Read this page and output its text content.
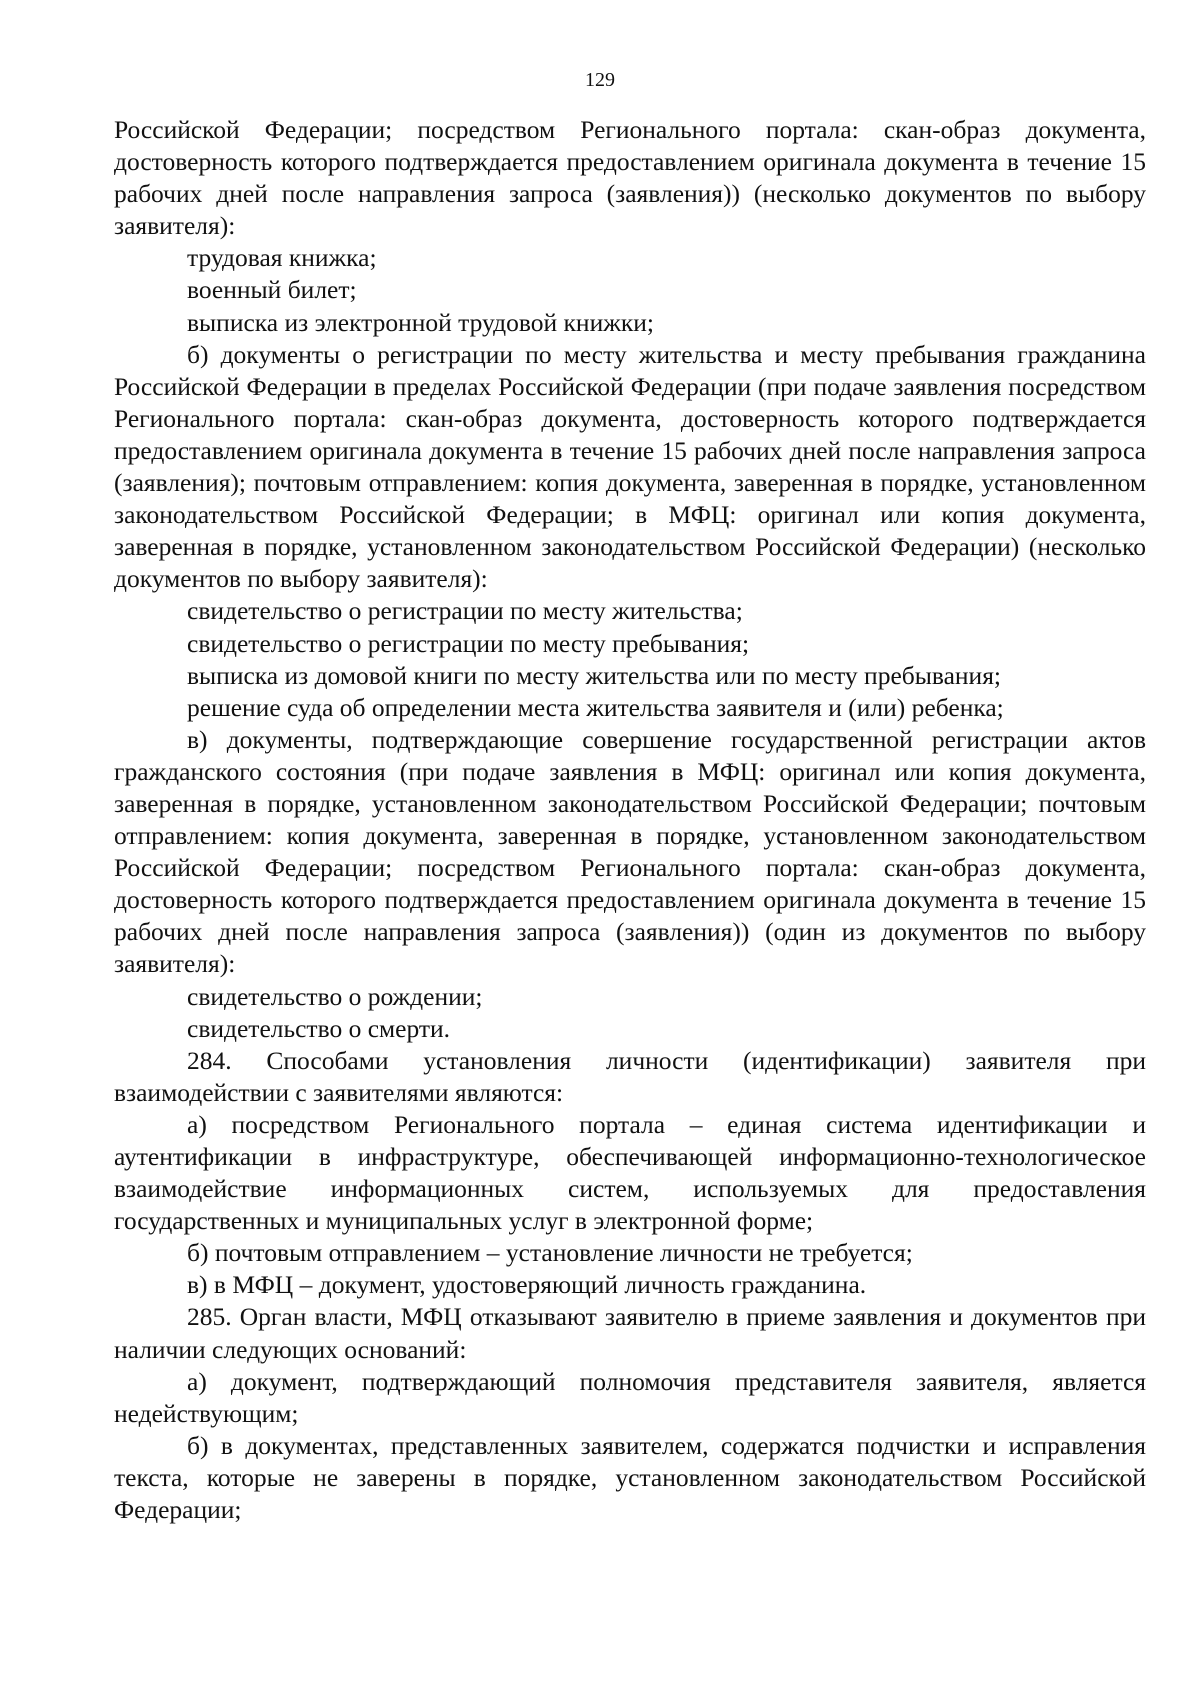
129

Российской Федерации; посредством Регионального портала: скан-образ документа, достоверность которого подтверждается предоставлением оригинала документа в течение 15 рабочих дней после направления запроса (заявления)) (несколько документов по выбору заявителя):

трудовая книжка;

военный билет;

выписка из электронной трудовой книжки;

б) документы о регистрации по месту жительства и месту пребывания гражданина Российской Федерации в пределах Российской Федерации (при подаче заявления посредством Регионального портала: скан-образ документа, достоверность которого подтверждается предоставлением оригинала документа в течение 15 рабочих дней после направления запроса (заявления); почтовым отправлением: копия документа, заверенная в порядке, установленном законодательством Российской Федерации; в МФЦ: оригинал или копия документа, заверенная в порядке, установленном законодательством Российской Федерации) (несколько документов по выбору заявителя):

свидетельство о регистрации по месту жительства;

свидетельство о регистрации по месту пребывания;

выписка из домовой книги по месту жительства или по месту пребывания;

решение суда об определении места жительства заявителя и (или) ребенка;

в) документы, подтверждающие совершение государственной регистрации актов гражданского состояния (при подаче заявления в МФЦ: оригинал или копия документа, заверенная в порядке, установленном законодательством Российской Федерации; почтовым отправлением: копия документа, заверенная в порядке, установленном законодательством Российской Федерации; посредством Регионального портала: скан-образ документа, достоверность которого подтверждается предоставлением оригинала документа в течение 15 рабочих дней после направления запроса (заявления)) (один из документов по выбору заявителя):

свидетельство о рождении;

свидетельство о смерти.

284. Способами установления личности (идентификации) заявителя при взаимодействии с заявителями являются:

а) посредством Регионального портала – единая система идентификации и аутентификации в инфраструктуре, обеспечивающей информационно-технологическое взаимодействие информационных систем, используемых для предоставления государственных и муниципальных услуг в электронной форме;

б) почтовым отправлением – установление личности не требуется;

в) в МФЦ – документ, удостоверяющий личность гражданина.

285. Орган власти, МФЦ отказывают заявителю в приеме заявления и документов при наличии следующих оснований:

а) документ, подтверждающий полномочия представителя заявителя, является недействующим;

б) в документах, представленных заявителем, содержатся подчистки и исправления текста, которые не заверены в порядке, установленном законодательством Российской Федерации;
